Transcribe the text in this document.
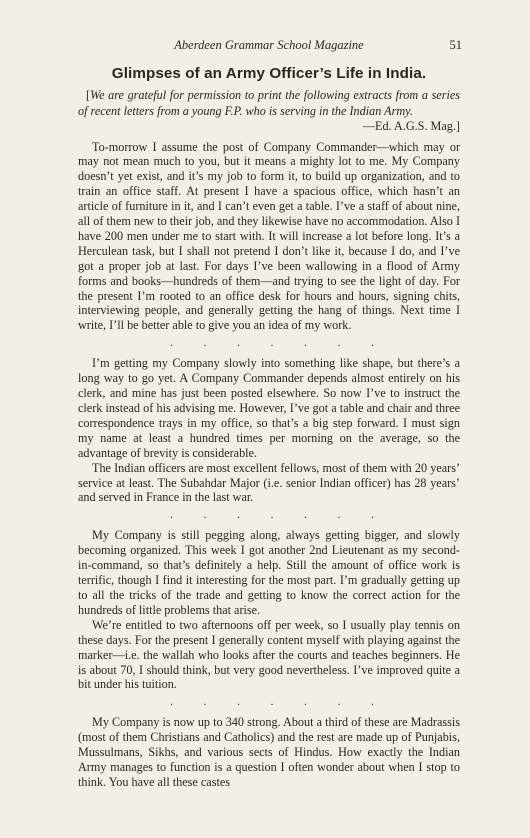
Aberdeen Grammar School Magazine	51
Glimpses of an Army Officer’s Life in India.

[We are grateful for permission to print the following extracts from a series of recent letters from a young F.P. who is serving in the Indian Army.

—Ed. A.G.S. Mag.]

To-morrow I assume the post of Company Commander—which may or may not mean much to you, but it means a mighty lot to me. My Company doesn’t yet exist, and it’s my job to form it, to build up organization, and to train an office staff. At present I have a spacious office, which hasn’t an article of furniture in it, and I can’t even get a table. I’ve a staff of about nine, all of them new to their job, and they likewise have no accommodation. Also I have 200 men under me to start with. It will increase a lot before long. It’s a Herculean task, but I shall not pretend I don’t like it, because I do, and I’ve got a proper job at last. For days I’ve been wallowing in a flood of Army forms and books—hundreds of them—and trying to see the light of day. For the present I’m rooted to an office desk for hours and hours, signing chits, interviewing people, and generally getting the hang of things. Next time I write, I’ll be better able to give you an idea of my work.

. . . . . . .

I’m getting my Company slowly into something like shape, but there’s a long way to go yet. A Company Commander depends almost entirely on his clerk, and mine has just been posted elsewhere. So now I’ve to instruct the clerk instead of his advising me. However, I’ve got a table and chair and three correspondence trays in my office, so that’s a big step forward. I must sign my name at least a hundred times per morning on the average, so the advantage of brevity is considerable.

The Indian officers are most excellent fellows, most of them with 20 years’ service at least. The Subahdar Major (i.e. senior Indian officer) has 28 years’ and served in France in the last war.

. . . . . . .

My Company is still pegging along, always getting bigger, and slowly becoming organized. This week I got another 2nd Lieutenant as my second-in-command, so that’s definitely a help. Still the amount of office work is terrific, though I find it interesting for the most part. I’m gradually getting up to all the tricks of the trade and getting to know the correct action for the hundreds of little problems that arise.

We’re entitled to two afternoons off per week, so I usually play tennis on these days. For the present I generally content myself with playing against the marker—i.e. the wallah who looks after the courts and teaches beginners. He is about 70, I should think, but very good nevertheless. I’ve improved quite a bit under his tuition.

. . . . . . .

My Company is now up to 340 strong. About a third of these are Madrassis (most of them Christians and Catholics) and the rest are made up of Punjabis, Mussulmans, Sikhs, and various sects of Hindus. How exactly the Indian Army manages to function is a question I often wonder about when I stop to think. You have all these castes
